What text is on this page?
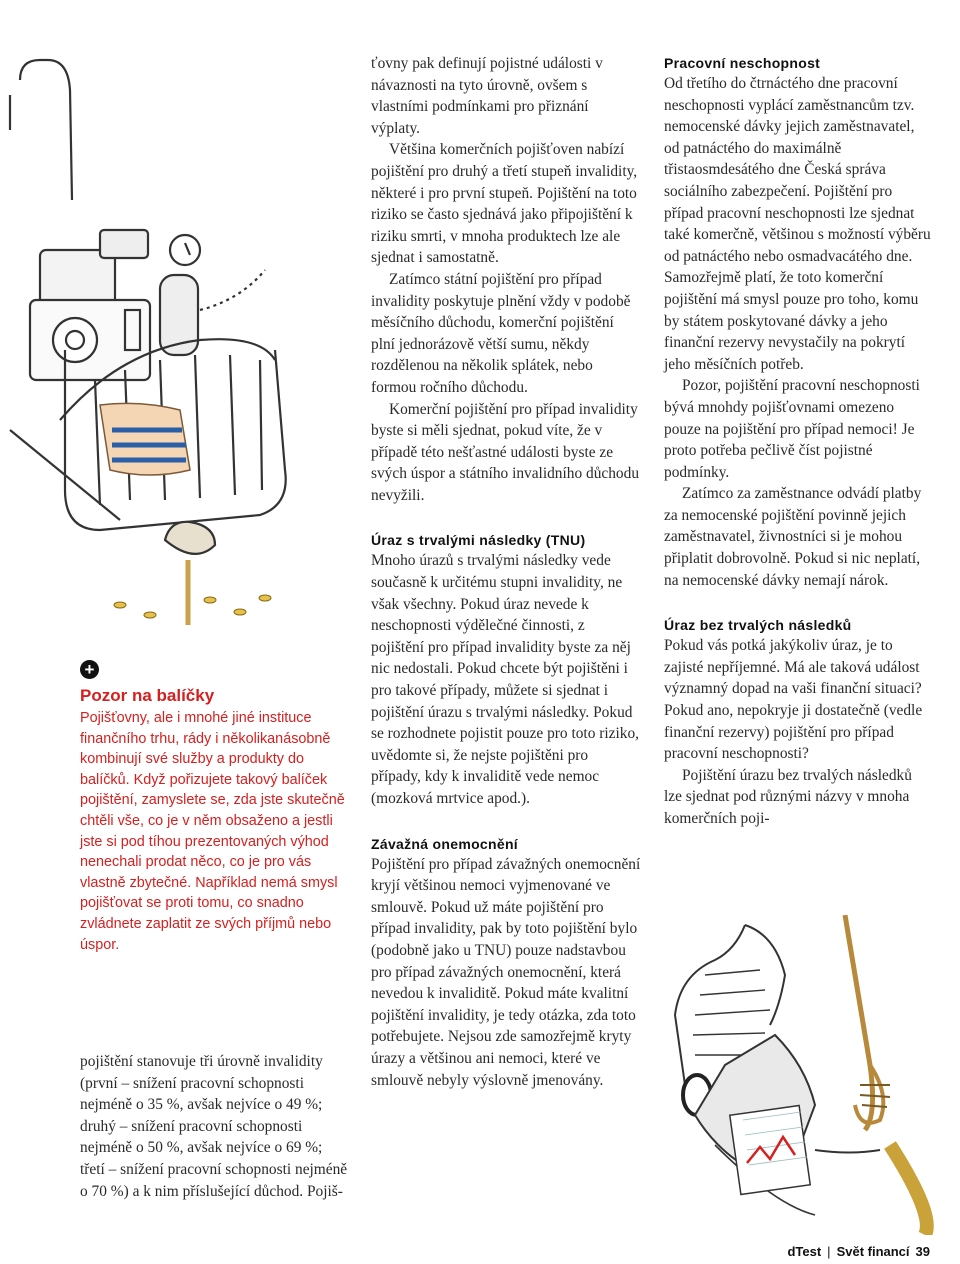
+
Pozor na balíčky
Pojišťovny, ale i mnohé jiné instituce finančního trhu, rády i několikanásobně kombinují své služby a produkty do balíčků. Když pořizujete takový balíček pojištění, zamyslete se, zda jste skutečně chtěli vše, co je v něm obsaženo a jestli jste si pod tíhou prezentovaných výhod nenechali prodat něco, co je pro vás vlastně zbytečné. Například nemá smysl pojišťovat se proti tomu, co snadno zvládnete zaplatit ze svých příjmů nebo úspor.

pojištění stanovuje tři úrovně invalidity (první – snížení pracovní schopnosti nejméně o 35 %, avšak nejvíce o 49 %; druhý – snížení pracovní schopnosti nejméně o 50 %, avšak nejvíce o 69 %; třetí – snížení pracovní schopnosti nejméně o 70 %) a k nim příslušející důchod. Pojiš-

ťovny pak definují pojistné události v návaznosti na tyto úrovně, ovšem s vlastními podmínkami pro přiznání výplaty.

Většina komerčních pojišťoven nabízí pojištění pro druhý a třetí stupeň invalidity, některé i pro první stupeň. Pojištění na toto riziko se často sjednává jako připojištění k riziku smrti, v mnoha produktech lze ale sjednat i samostatně.

Zatímco státní pojištění pro případ invalidity poskytuje plnění vždy v podobě měsíčního důchodu, komerční pojištění plní jednorázově větší sumu, někdy rozdělenou na několik splátek, nebo formou ročního důchodu.

Komerční pojištění pro případ invalidity byste si měli sjednat, pokud víte, že v případě této nešťastné události byste ze svých úspor a státního invalidního důchodu nevyžili.

Úraz s trvalými následky (TNU)

Mnoho úrazů s trvalými následky vede současně k určitému stupni invalidity, ne však všechny. Pokud úraz nevede k neschopnosti výdělečné činnosti, z pojištění pro případ invalidity byste za něj nic nedostali. Pokud chcete být pojištěni i pro takové případy, můžete si sjednat i pojištění úrazu s trvalými následky. Pokud se rozhodnete pojistit pouze pro toto riziko, uvědomte si, že nejste pojištěni pro případy, kdy k invaliditě vede nemoc (mozková mrtvice apod.).

Závažná onemocnění

Pojištění pro případ závažných onemocnění kryjí většinou nemoci vyjmenované ve smlouvě. Pokud už máte pojištění pro případ invalidity, pak by toto pojištění bylo (podobně jako u TNU) pouze nadstavbou pro případ závažných onemocnění, která nevedou k invaliditě. Pokud máte kvalitní pojištění invalidity, je tedy otázka, zda toto potřebujete. Nejsou zde samozřejmě kryty úrazy a většinou ani nemoci, které ve smlouvě nebyly výslovně jmenovány.

Pracovní neschopnost

Od třetího do čtrnáctého dne pracovní neschopnosti vyplácí zaměstnancům tzv. nemocenské dávky jejich zaměstnavatel, od patnáctého do maximálně třistaosmdesátého dne Česká správa sociálního zabezpečení. Pojištění pro případ pracovní neschopnosti lze sjednat také komerčně, většinou s možností výběru od patnáctého nebo osmadvacátého dne. Samozřejmě platí, že toto komerční pojištění má smysl pouze pro toho, komu by státem poskytované dávky a jeho finanční rezervy nevystačily na pokrytí jeho měsíčních potřeb.

Pozor, pojištění pracovní neschopnosti bývá mnohdy pojišťovnami omezeno pouze na pojištění pro případ nemoci! Je proto potřeba pečlivě číst pojistné podmínky.

Zatímco za zaměstnance odvádí platby za nemocenské pojištění povinně jejich zaměstnavatel, živnostníci si je mohou připlatit dobrovolně. Pokud si nic neplatí, na nemocenské dávky nemají nárok.

Úraz bez trvalých následků

Pokud vás potká jakýkoliv úraz, je to zajisté nepříjemné. Má ale taková událost významný dopad na vaši finanční situaci? Pokud ano, nepokryje ji dostatečně (vedle finanční rezervy) pojištění pro případ pracovní neschopnosti?

Pojištění úrazu bez trvalých následků lze sjednat pod různými názvy v mnoha komerčních poji-

dTest | Svět financí 39
